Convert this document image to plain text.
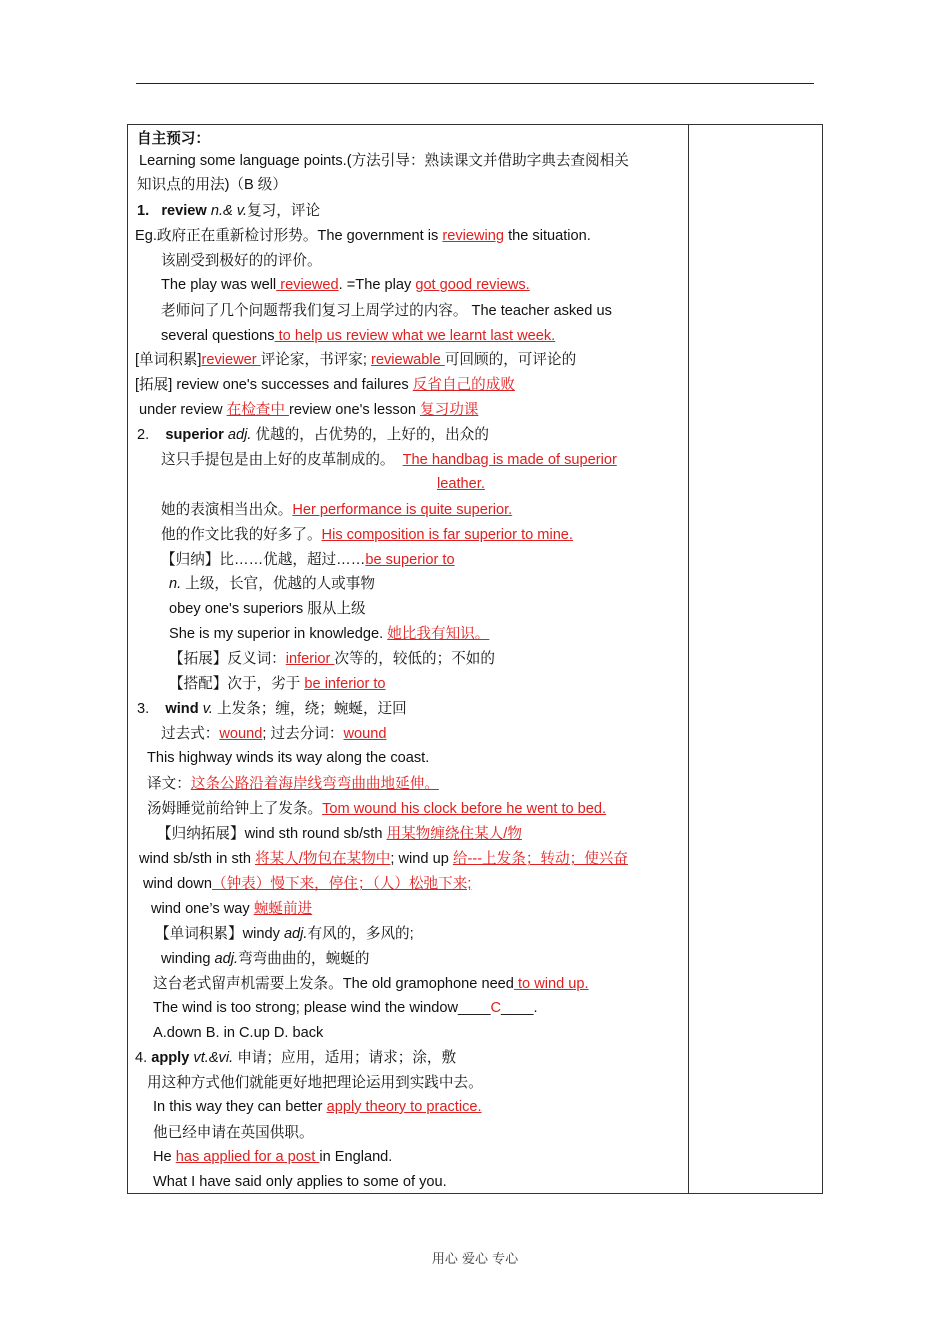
自主预习：
Learning some language points.(方法引导：熟读课文并借助字典去查阅相关
知识点的用法)（B 级）
1. review n.& v.复习，评论
Eg.政府正在重新检讨形势。The government is reviewing the situation.
该剧受到极好的的评价。
The play was well reviewed. =The play got good reviews.
老师问了几个问题帮我们复习上周学过的内容。 The teacher asked us
several questions to help us review what we learnt last week.
[单词积累]reviewer 评论家，书评家; reviewable 可回顾的，可评论的
[拓展] review one's successes and failures 反省自己的成败
under review 在检查中 review one's lesson 复习功课
2. superior adj. 优越的，占优势的，上好的，出众的
这只手提包是由上好的皮革制成的。 The handbag is made of superior
leather.
她的表演相当出众。Her performance is quite superior.
他的作文比我的好多了。His composition is far superior to mine.
【归纳】比……优越，超过……be superior to
n. 上级，长官，优越的人或事物
obey one's superiors 服从上级
She is my superior in knowledge. 她比我有知识。
【拓展】反义词：inferior 次等的，较低的；不如的
【搭配】次于，劣于 be inferior to
3. wind v. 上发条；缠，绕；蜿蜒，迂回
过去式：wound; 过去分词：wound
This highway winds its way along the coast.
译文：这条公路沿着海岸线弯弯曲曲地延伸。
汤姆睡觉前给钟上了发条。Tom wound his clock before he went to bed.
【归纳拓展】wind sth round sb/sth 用某物缠绕住某人/物
wind sb/sth in sth 将某人/物包在某物中; wind up 给---上发条；转动；使兴奋
wind down（钟表）慢下来，停住；（人）松弛下来;
wind one’s way 蜿蜒前进
【单词积累】windy adj.有风的，多风的;
winding adj.弯弯曲曲的，蜿蜒的
这台老式留声机需要上发条。The old gramophone need to wind up.
The wind is too strong; please wind the window____C____.
A.down B. in C.up D. back
4. apply vt.&vi. 申请；应用，适用；请求；涂，敷
用这种方式他们就能更好地把理论运用到实践中去。
In this way they can better apply theory to practice.
他已经申请在英国供职。
He has applied for a post in England.
What I have said only applies to some of you.
用心 爱心 专心
